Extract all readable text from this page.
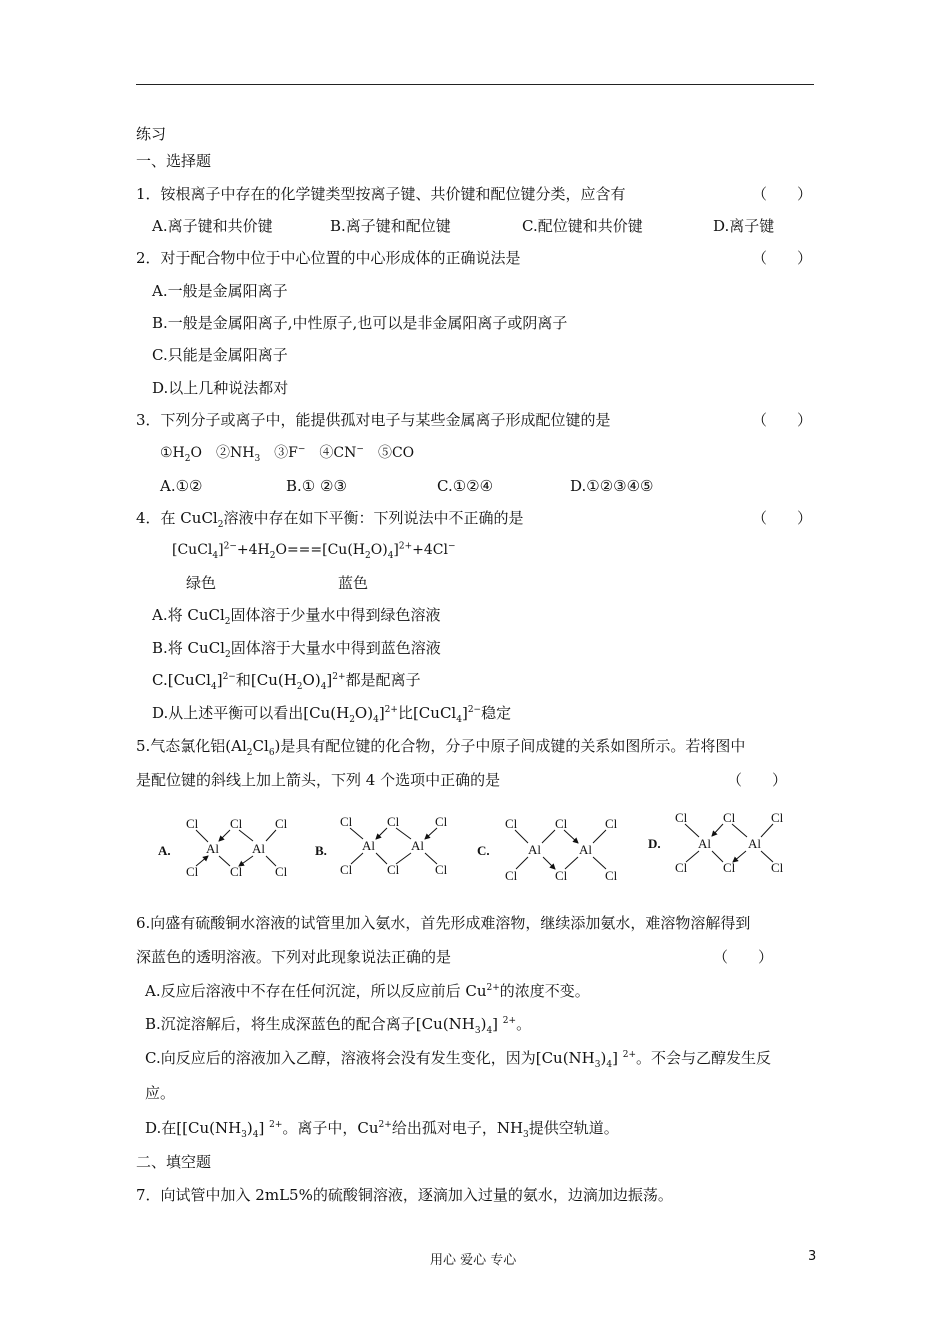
练习
一、选择题
1．铵根离子中存在的化学键类型按离子键、共价键和配位键分类，应含有	（　　）
A.离子键和共价键	B.离子键和配位键	C.配位键和共价键	D.离子键
2．对于配合物中位于中心位置的中心形成体的正确说法是	（　　）
A.一般是金属阳离子
B.一般是金属阳离子,中性原子,也可以是非金属阳离子或阴离子
C.只能是金属阳离子
D.以上几种说法都对
3．下列分子或离子中，能提供孤对电子与某些金属离子形成配位键的是	（　　）
$①H_2O$　$②NH_3$　③F−　④CN−　⑤CO
A.①②	B.① ②③	C.①②④	D.①②③④⑤
4．在 CuCl$_2$溶液中存在如下平衡：下列说法中不正确的是	（　　）
$[CuCl_4]^{2-}+4H_2O===[Cu(H_2O)_4]^{2+}+4Cl^-$
绿色	蓝色
A.将 CuCl$_2$固体溶于少量水中得到绿色溶液
B.将 CuCl$_2$固体溶于大量水中得到蓝色溶液
C.[CuCl$_4$]$^{2-}$和$[Cu(H_2O)_4]^{2+}$都是配离子
D.从上述平衡可以看出$[Cu(H_2O)_4]^{2+}$比[CuCl$_4$]$^{2-}$稳定
5.气态氯化铝$(Al_2Cl_6)$是具有配位键的化合物，分子中原子间成键的关系如图所示。若将图中
是配位键的斜线上加上箭头，下列 4 个选项中正确的是	（　　）
A.
Cl Cl	Cl
Al	Al
Cl Cl	Cl
B.
Cl	Cl	Cl
Al	Al
Cl	Cl	Cl
C.
Cl	Cl	Cl
Al	Al
Cl	Cl	Cl
D.
Cl	Cl	Cl
Al	Al
Cl	Cl	Cl
6.向盛有硫酸铜水溶液的试管里加入氨水，首先形成难溶物，继续添加氨水，难溶物溶解得到
深蓝色的透明溶液。下列对此现象说法正确的是	（　　）
A.反应后溶液中不存在任何沉淀，所以反应前后 $Cu^{2+}$的浓度不变。
B.沉淀溶解后，将生成深蓝色的配合离子$[Cu(NH_3)_4]$ $^{2+}$。
C.向反应后的溶液加入乙醇，溶液将会没有发生变化，因为$[Cu(NH_3)_4]$ $^{2+}$。不会与乙醇发生反
应。
D.在[$[Cu(NH_3)_4]$ $^{2+}$。离子中，$Cu^{2+}$给出孤对电子，$NH_3$提供空轨道。
二、填空题
7．向试管中加入 2mL5%的硫酸铜溶液，逐滴加入过量的氨水，边滴加边振荡。
用心 爱心 专心	3
